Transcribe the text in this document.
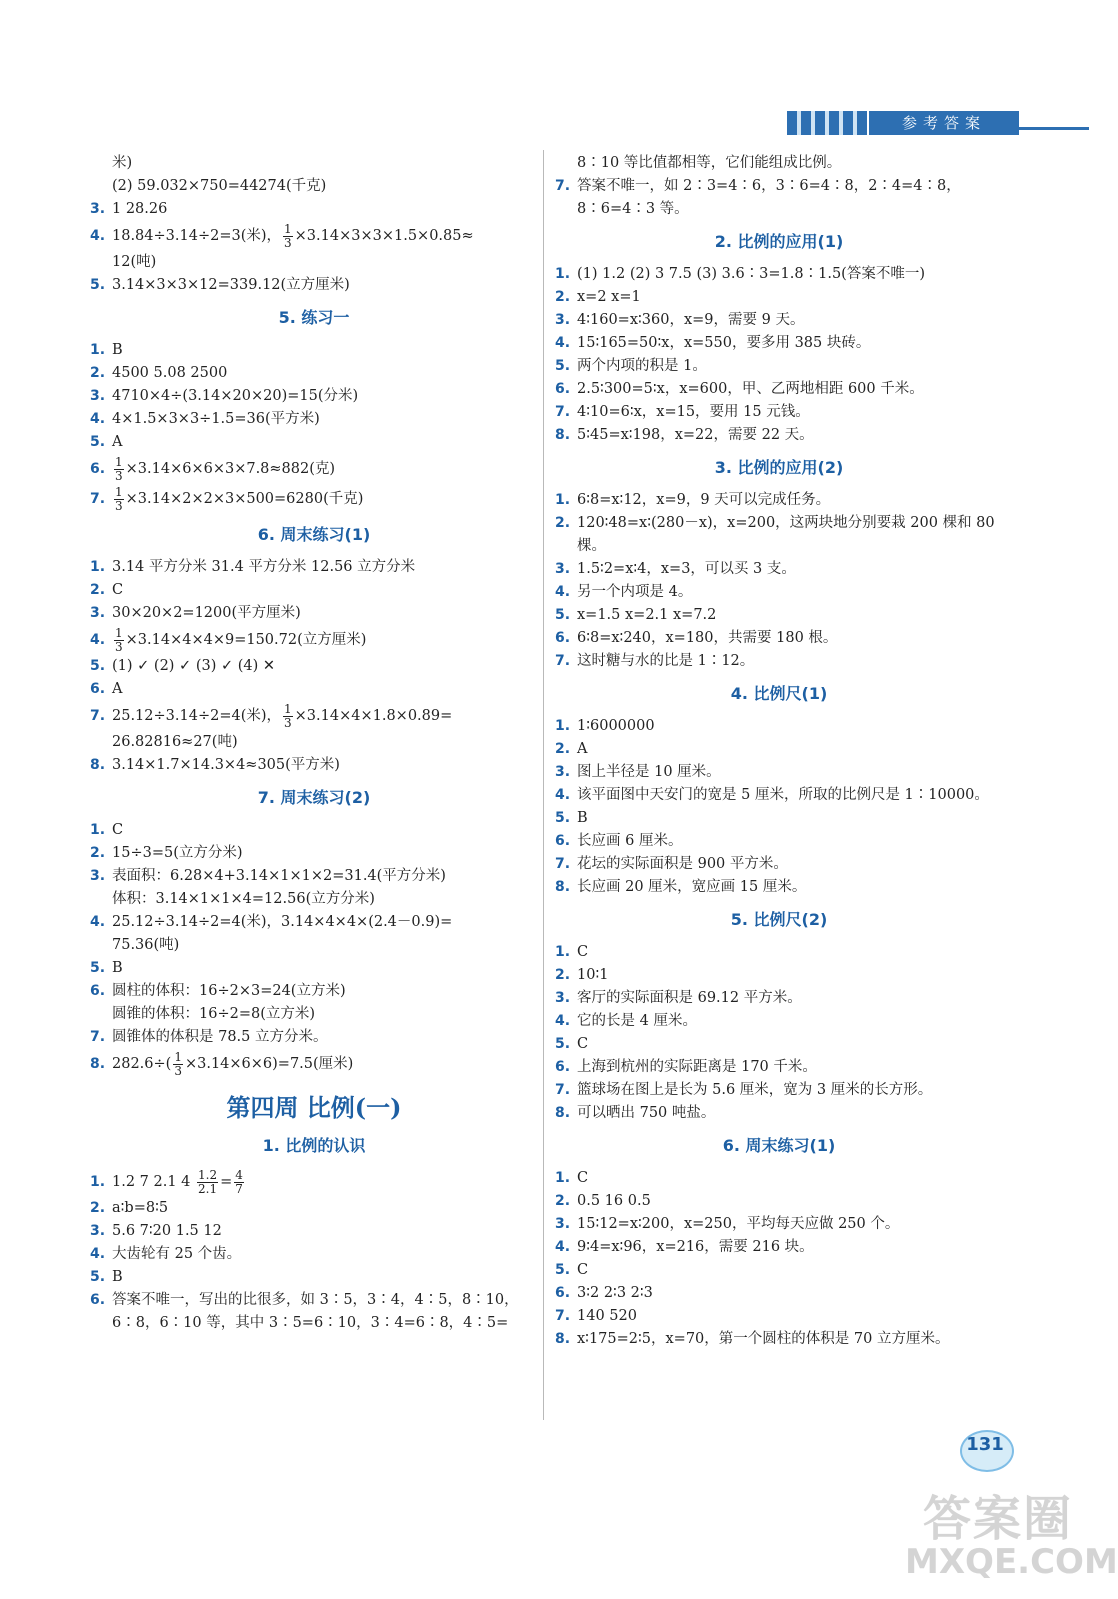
参考答案
米)
(2) 59.032×750=44274(千克)
3. 1 28.26
4. 18.84÷3.14÷2=3(米)， $\frac{1}{3} \times 3.14\times 3\times 3\times 1.5\times 0.85\approx$
12(吨)
5. 3.14×3×3×12=339.12(立方厘米)
5. 练习一
1. B
2. 4500 5.08 2500
3. 4710×4÷(3.14×20×20)=15(分米)
4. 4×1.5×3×3÷1.5=36(平方米)
5. A
6. $\frac{1}{3} \times 3.14\times 6\times 6\times 3\times 7.8\approx 882$(克)
7. $\frac{1}{3} \times 3.14\times 2\times 2\times 3\times 500=6280$(千克)
6. 周末练习(1)
1. 3.14 平方分米 31.4 平方分米 12.56 立方分米
2. C
3. 30×20×2=1200(平方厘米)
4. $\frac{1}{3} \times 3.14\times 4\times 4\times 9=150.72$(立方厘米)
5. (1) ✓ (2) ✓ (3) ✓ (4) ✕
6. A
7. 25.12÷3.14÷2=4(米)， $\frac{1}{3} \times 3.14\times 4\times 1.8\times 0.89=$
26.82816≈27(吨)
8. 3.14×1.7×14.3×4≈305(平方米)
7. 周末练习(2)
1. C
2. 15÷3=5(立方分米)
3. 表面积：6.28×4+3.14×1×1×2=31.4(平方分米)
体积：3.14×1×1×4=12.56(立方分米)
4. 25.12÷3.14÷2=4(米)，3.14×4×4×(2.4－0.9)=
75.36(吨)
5. B
6. 圆柱的体积：16÷2×3=24(立方米)
圆锥的体积：16÷2=8(立方米)
7. 圆锥体的体积是 78.5 立方分米。
8. $282.6\div( \frac{1}{3} \times 3.14\times 6\times 6)=7.5$(厘米)
第四周 比例(一)
1. 比例的认识
1. 1.2 7 2.1 $4 \frac{1.2}{2.1} = \frac{4}{7}$
2. a∶b=8∶5
3. 5.6 7∶20 1.5 12
4. 大齿轮有 25 个齿。
5. B
6. 答案不唯一，写出的比很多，如 3∶5，3∶4，4∶5，8∶10，6∶8，6∶10 等，其中 3∶5=6∶10，3∶4=6∶8，4∶5=
8∶10 等比值都相等，它们能组成比例。
7. 答案不唯一，如 2∶3=4∶6，3∶6=4∶8，2∶4=4∶8，8∶6=4∶3 等。
2. 比例的应用(1)
1. (1) 1.2 (2) 3 7.5 (3) 3.6∶3=1.8∶1.5(答案不唯一)
2. x=2 x=1
3. 4∶160=x∶360，x=9，需要 9 天。
4. 15∶165=50∶x，x=550，要多用 385 块砖。
5. 两个内项的积是 1。
6. 2.5∶300=5∶x，x=600，甲、乙两地相距 600 千米。
7. 4∶10=6∶x，x=15，要用 15 元钱。
8. 5∶45=x∶198，x=22，需要 22 天。
3. 比例的应用(2)
1. 6∶8=x∶12，x=9，9 天可以完成任务。
2. 120∶48=x∶(280－x)，x=200，这两块地分别要栽 200 棵和 80 棵。
3. 1.5∶2=x∶4，x=3，可以买 3 支。
4. 另一个内项是 4。
5. x=1.5 x=2.1 x=7.2
6. 6∶8=x∶240，x=180，共需要 180 根。
7. 这时糖与水的比是 1∶12。
4. 比例尺(1)
1. 1∶6000000
2. A
3. 图上半径是 10 厘米。
4. 该平面图中天安门的宽是 5 厘米，所取的比例尺是 1∶10000。
5. B
6. 长应画 6 厘米。
7. 花坛的实际面积是 900 平方米。
8. 长应画 20 厘米，宽应画 15 厘米。
5. 比例尺(2)
1. C
2. 10∶1
3. 客厅的实际面积是 69.12 平方米。
4. 它的长是 4 厘米。
5. C
6. 上海到杭州的实际距离是 170 千米。
7. 篮球场在图上是长为 5.6 厘米，宽为 3 厘米的长方形。
8. 可以晒出 750 吨盐。
6. 周末练习(1)
1. C
2. 0.5 16 0.5
3. 15∶12=x∶200，x=250，平均每天应做 250 个。
4. 9∶4=x∶96，x=216，需要 216 块。
5. C
6. 3∶2 2∶3 2∶3
7. 140 520
8. x∶175=2∶5，x=70，第一个圆柱的体积是 70 立方厘米。
131
答案圈
MXQE.COM
